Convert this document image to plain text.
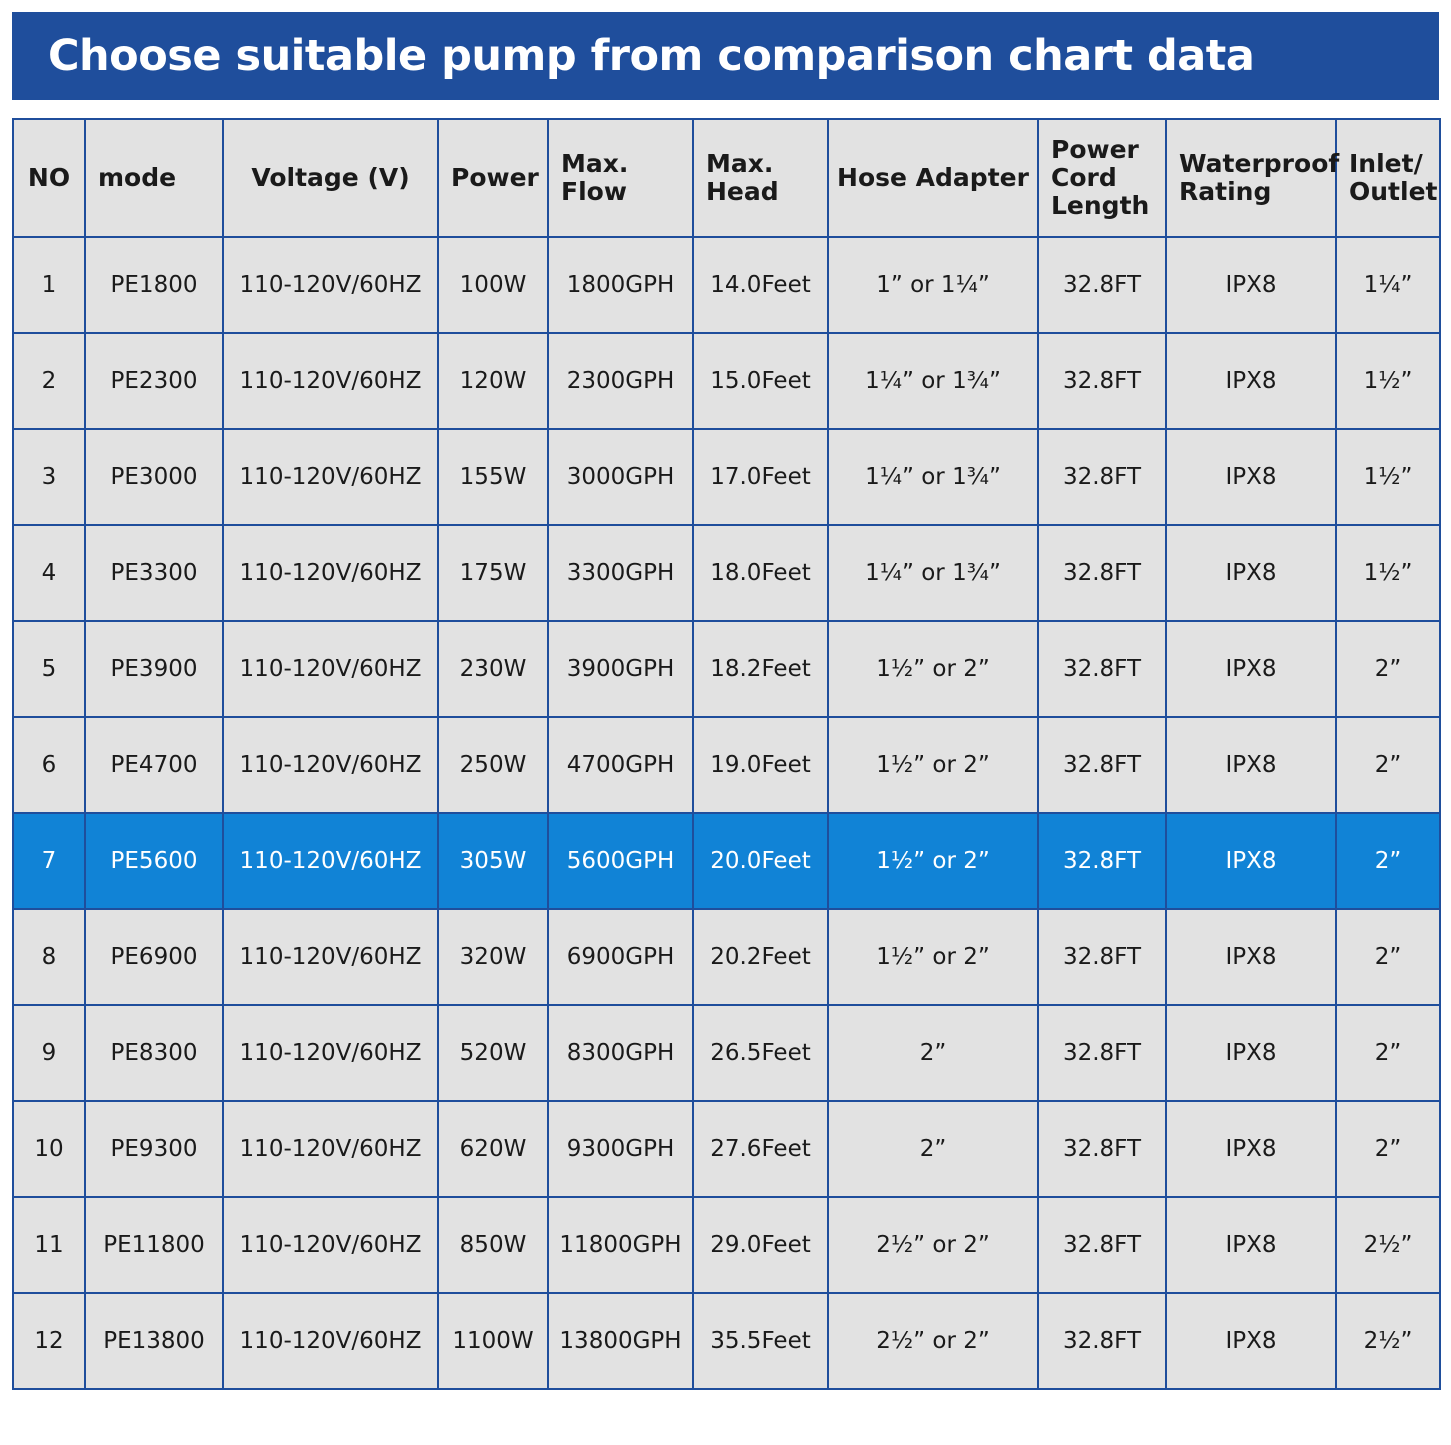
Choose suitable pump from comparison chart data
NO	mode	Voltage (V)	Power	Max. Flow	Max. Head	Hose Adapter	Power Cord Length	Waterproof Rating	Inlet/ Outlet
1	PE1800	110-120V/60HZ	100W	1800GPH	14.0Feet	1” or 1¹⁄₄”	32.8FT	IPX8	1¹⁄₄”
2	PE2300	110-120V/60HZ	120W	2300GPH	15.0Feet	1¹⁄₄” or 1³⁄₄”	32.8FT	IPX8	1¹⁄₂”
3	PE3000	110-120V/60HZ	155W	3000GPH	17.0Feet	1¹⁄₄” or 1³⁄₄”	32.8FT	IPX8	1¹⁄₂”
4	PE3300	110-120V/60HZ	175W	3300GPH	18.0Feet	1¹⁄₄” or 1³⁄₄”	32.8FT	IPX8	1¹⁄₂”
5	PE3900	110-120V/60HZ	230W	3900GPH	18.2Feet	1¹⁄₂” or 2”	32.8FT	IPX8	2”
6	PE4700	110-120V/60HZ	250W	4700GPH	19.0Feet	1¹⁄₂” or 2”	32.8FT	IPX8	2”
7	PE5600	110-120V/60HZ	305W	5600GPH	20.0Feet	1¹⁄₂” or 2”	32.8FT	IPX8	2”
8	PE6900	110-120V/60HZ	320W	6900GPH	20.2Feet	1¹⁄₂” or 2”	32.8FT	IPX8	2”
9	PE8300	110-120V/60HZ	520W	8300GPH	26.5Feet	2”	32.8FT	IPX8	2”
10	PE9300	110-120V/60HZ	620W	9300GPH	27.6Feet	2”	32.8FT	IPX8	2”
11	PE11800	110-120V/60HZ	850W	11800GPH	29.0Feet	2¹⁄₂” or 2”	32.8FT	IPX8	2¹⁄₂”
12	PE13800	110-120V/60HZ	1100W	13800GPH	35.5Feet	2¹⁄₂” or 2”	32.8FT	IPX8	2¹⁄₂”
